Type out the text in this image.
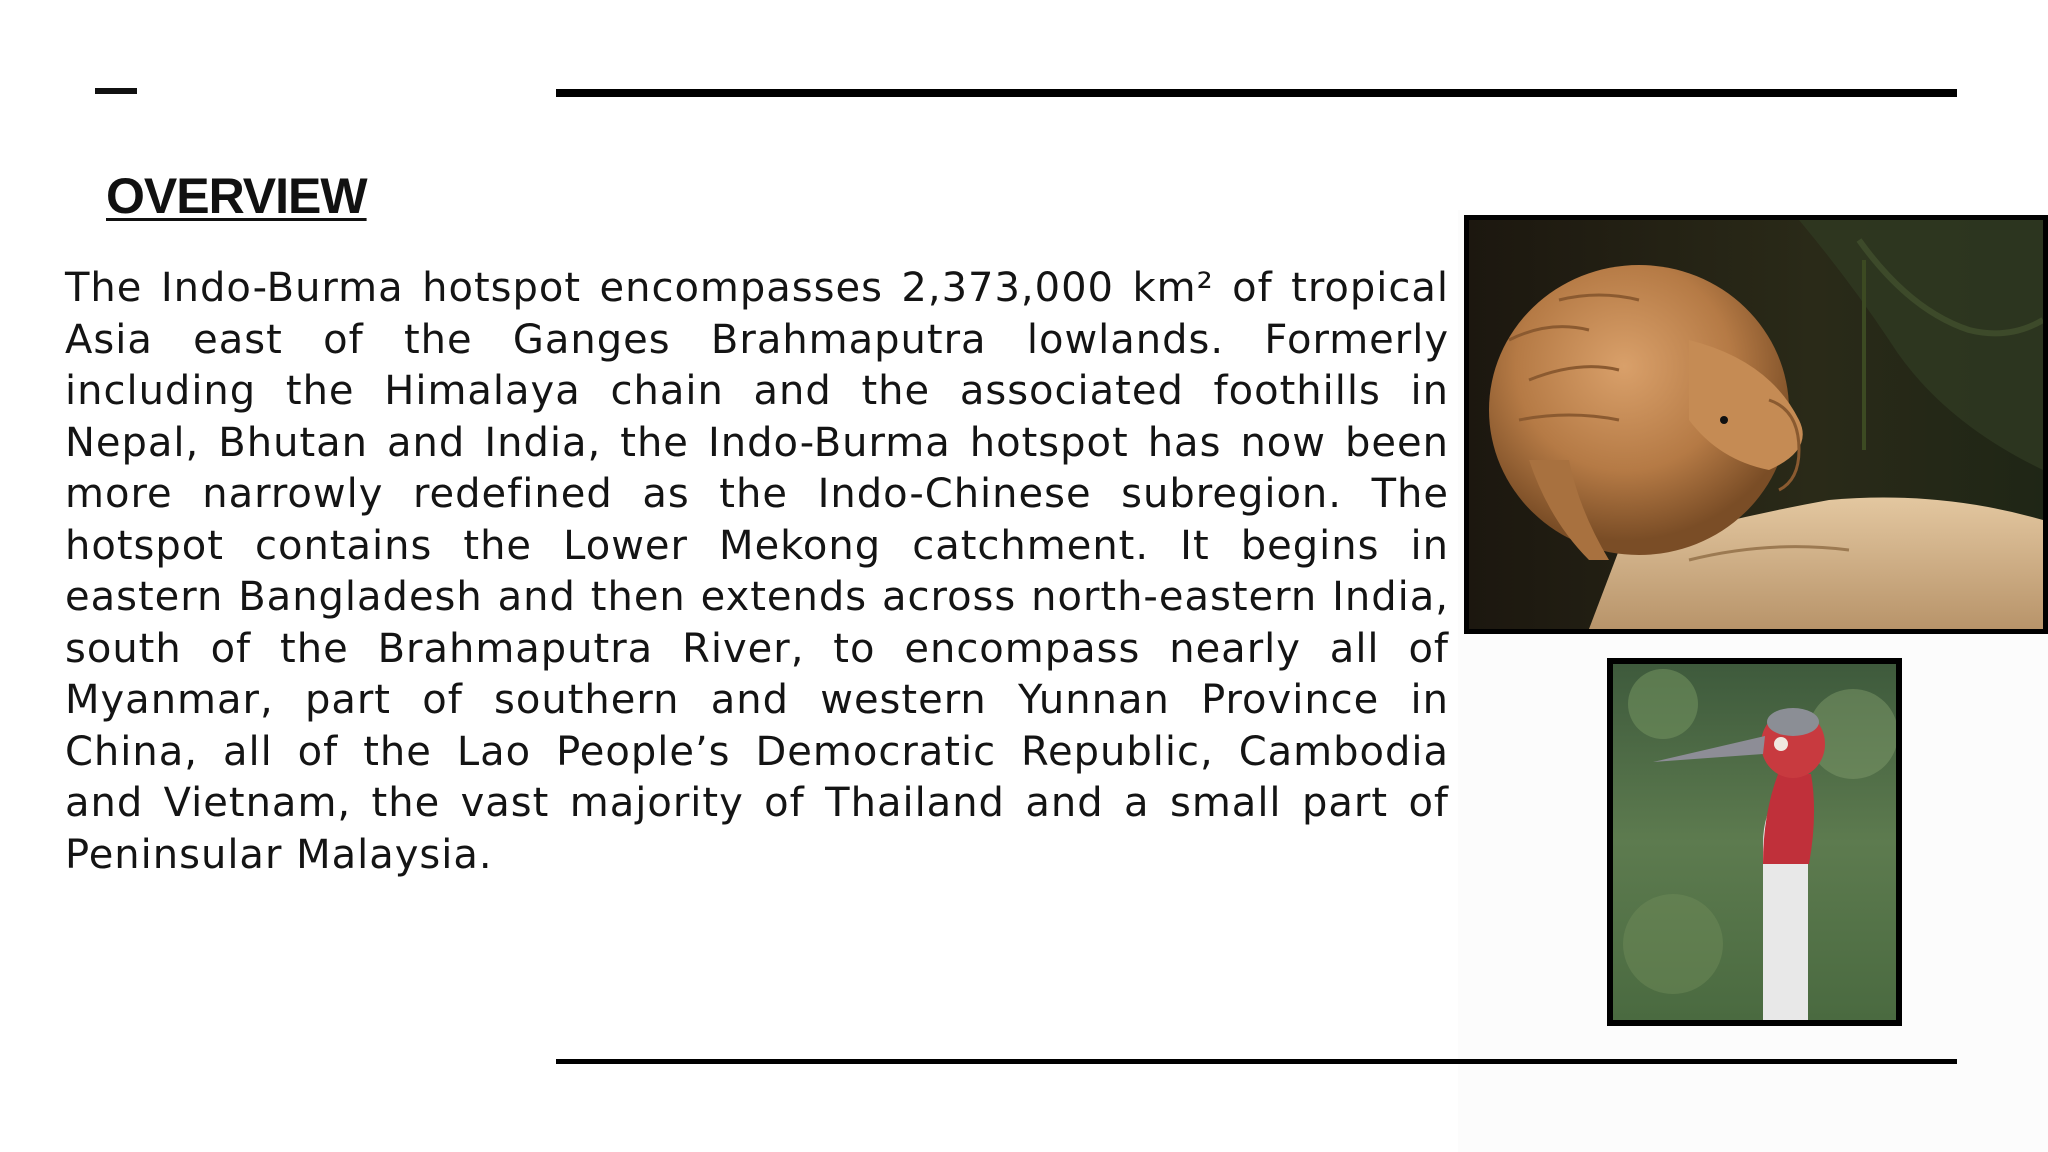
OVERVIEW

The Indo-Burma hotspot encompasses 2,373,000 km² of tropical Asia east of the Ganges Brahmaputra lowlands. Formerly including the Himalaya chain and the associated foothills in Nepal, Bhutan and India, the Indo-Burma hotspot has now been more narrowly redefined as the Indo-Chinese subregion. The hotspot contains the Lower Mekong catchment. It begins in eastern Bangladesh and then extends across north-eastern India, south of the Brahmaputra River, to encompass nearly all of Myanmar, part of southern and western Yunnan Province in China, all of the Lao People’s Democratic Republic, Cambodia and Vietnam, the vast majority of Thailand and a small part of Peninsular Malaysia.
